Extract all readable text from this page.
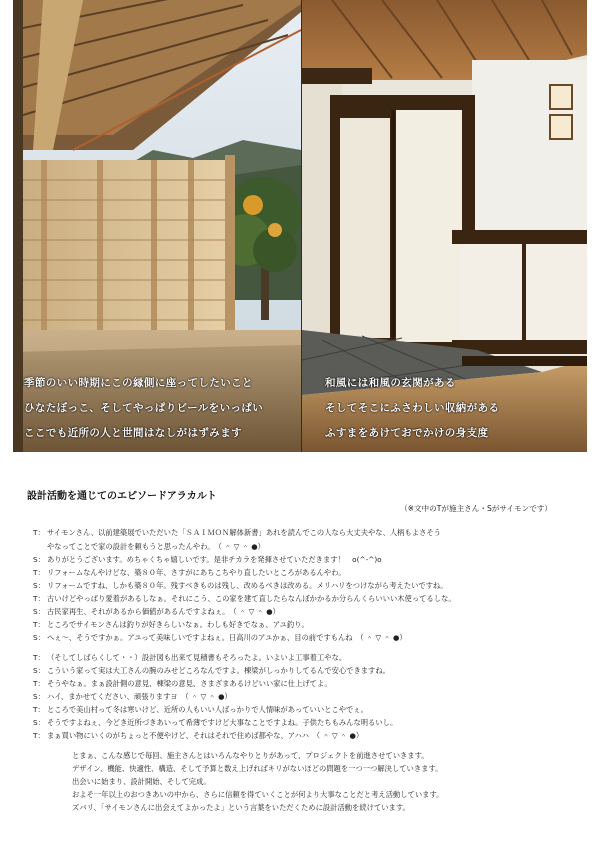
季節のいい時期にこの縁側に座ってしたいこと
ひなたぼっこ、そしてやっぱりビールをいっぱい
ここでも近所の人と世間はなしがはずみます
和風には和風の玄関がある
そしてそこにふさわしい収納がある
ふすまをあけておでかけの身支度
設計活動を通じてのエピソードアラカルト
（※文中のTが施主さん・Sがサイモンです）
T： サイモンさん、以前建築展でいただいた「ＳＡＩＭＯＮ解体新書」あれを読んでこの人なら大丈夫やな、人柄もよさそう
やなってことで家の設計を頼もうと思ったんやわ。　（ ＾ ▽ ＾ ●）
S： ありがとうございます。めちゃくちゃ嬉しいです。是非チカラを発揮させていただきます！　o(^-^)o
T： リフォームなんやけどな、築８０年、さすがにあちこちやり直したいところがあるんやわ。
S： リフォームですね、しかも築８０年。残すべきものは残し、改めるべきは改める。メリハリをつけながら考えたいですね。
T： 古いけどやっぱり愛着があるしなぁ。それにこう、この家を建て直したらなんぼかかるか分らんくらいいい木使ってるしな。
S： 古民家再生、それがあるから価値があるんですよねぇ。　（ ＾ ▽ ＾ ●）
T： ところでサイモンさんは釣りが好きらしいなぁ。わしも好きでなぁ、アユ釣り。
S： へぇ〜、そうですかぁ。アユって美味しいですよねぇ。日高川のアユかぁ、目の前ですもんね　（ ＾ ▽ ＾ ●）
T： （そしてしばらくして・・）設計図も出来て見積書もそろったよ。いよいよ工事着工やな。
S： こういう家って実は大工さんの腕のみせどころなんですよ。棟梁がしっかりしてるんで安心できますね。
T： そうやなぁ。まぁ設計側の意見、棟梁の意見、さまざまあるけどいい家に仕上げてよ。
S： ハイ、まかせてください、頑張りますヨ　（ ＾ ▽ ＾ ●）
T： ところで美山村って冬は寒いけど、近所の人もいい人ばっかりで人情味があっていいとこやでぇ。
S： そうですよねぇ、今どき近所づきあいって希薄ですけど大事なことですよね。子供たちもみんな明るいし。
T： まぁ買い物にいくのがちょっと不便やけど、それはそれで住めば都やな、アハハ　（ ＾ ▽ ＾ ●）
とまぁ、こんな感じで毎回、施主さんとはいろんなやりとりがあって、プロジェクトを前進させていきます。
デザイン、機能、快適性、構造、そして予算と数え上げればキリがないほどの問題を一つ一つ解決していきます。
出会いに始まり、設計開始、そして完成。
およそ一年以上のおつきあいの中から、さらに信頼を得ていくことが何より大事なことだと考え活動しています。
ズバリ、「サイモンさんに出会えてよかったよ」という言葉をいただくために設計活動を続けています。
